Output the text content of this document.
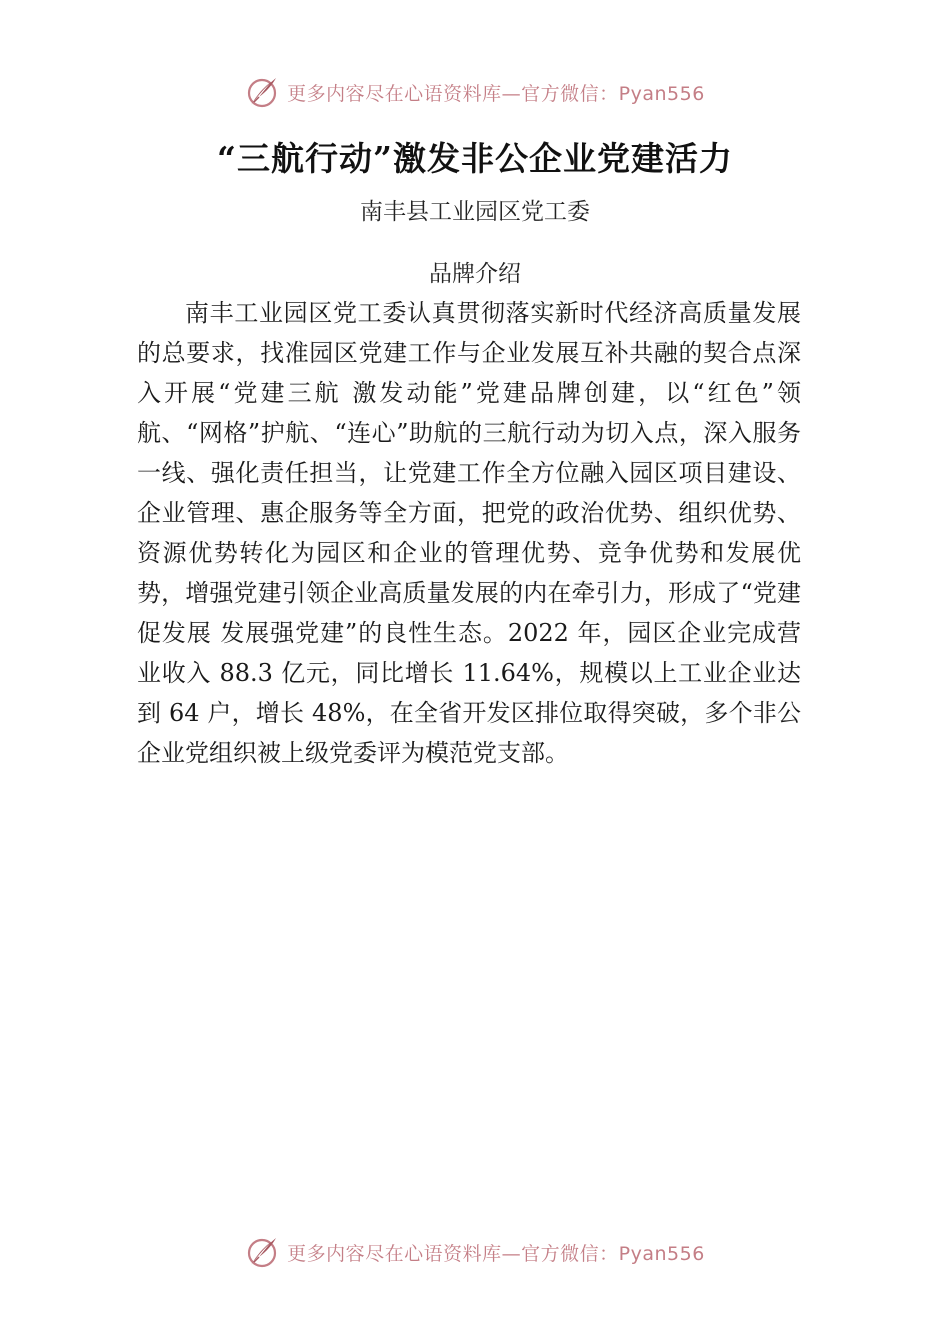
更多内容尽在心语资料库—官方微信：Pyan556
“三航行动”激发非公企业党建活力

南丰县工业园区党工委

品牌介绍

南丰工业园区党工委认真贯彻落实新时代经济高质量发展的总要求，找准园区党建工作与企业发展互补共融的契合点深入开展“党建三航 激发动能”党建品牌创建，以“红色”领航、“网格”护航、“连心”助航的三航行动为切入点，深入服务一线、强化责任担当，让党建工作全方位融入园区项目建设、企业管理、惠企服务等全方面，把党的政治优势、组织优势、资源优势转化为园区和企业的管理优势、竞争优势和发展优势，增强党建引领企业高质量发展的内在牵引力，形成了“党建促发展 发展强党建”的良性生态。2022 年，园区企业完成营业收入 88.3 亿元，同比增长 11.64%，规模以上工业企业达到 64 户，增长 48%，在全省开发区排位取得突破，多个非公企业党组织被上级党委评为模范党支部。

更多内容尽在心语资料库—官方微信：Pyan556
